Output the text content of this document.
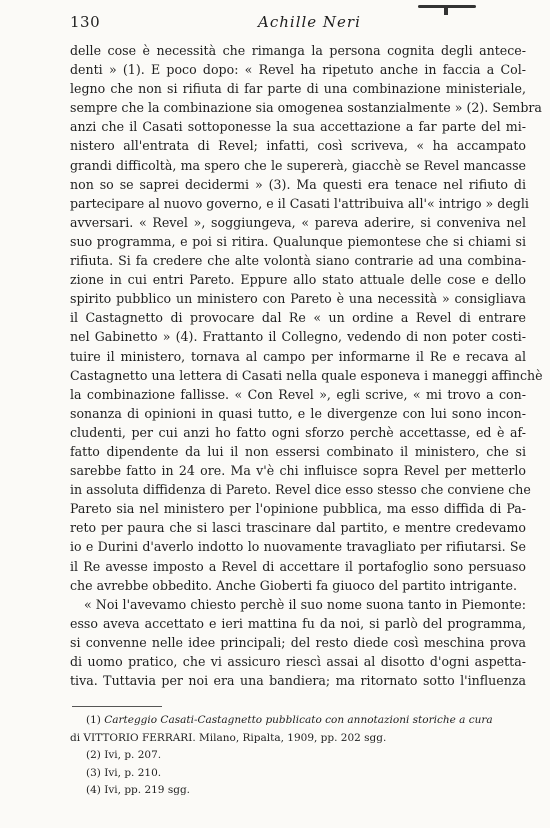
130	Achille Neri
delle cose è necessità che rimanga la persona cognita degli antece-
denti » (1). E poco dopo: « Revel ha ripetuto anche in faccia a Col-
legno che non si rifiuta di far parte di una combinazione ministeriale,
sempre che la combinazione sia omogenea sostanzialmente » (2). Sembra
anzi che il Casati sottoponesse la sua accettazione a far parte del mi-
nistero all'entrata di Revel; infatti, così scriveva, « ha accampato
grandi difficoltà, ma spero che le supererà, giacchè se Revel mancasse
non so se saprei decidermi » (3). Ma questi era tenace nel rifiuto di
partecipare al nuovo governo, e il Casati l'attribuiva all'« intrigo » degli
avversari. « Revel », soggiungeva, « pareva aderire, si conveniva nel
suo programma, e poi si ritira. Qualunque piemontese che si chiami si
rifiuta. Si fa credere che alte volontà siano contrarie ad una combina-
zione in cui entri Pareto. Eppure allo stato attuale delle cose e dello
spirito pubblico un ministero con Pareto è una necessità » consigliava
il Castagnetto di provocare dal Re « un ordine a Revel di entrare
nel Gabinetto » (4). Frattanto il Collegno, vedendo di non poter costi-
tuire il ministero, tornava al campo per informarne il Re e recava al
Castagnetto una lettera di Casati nella quale esponeva i maneggi affinchè
la combinazione fallisse. « Con Revel », egli scrive, « mi trovo a con-
sonanza di opinioni in quasi tutto, e le divergenze con lui sono incon-
cludenti, per cui anzi ho fatto ogni sforzo perchè accettasse, ed è af-
fatto dipendente da lui il non essersi combinato il ministero, che si
sarebbe fatto in 24 ore. Ma v'è chi influisce sopra Revel per metterlo
in assoluta diffidenza di Pareto. Revel dice esso stesso che conviene che
Pareto sia nel ministero per l'opinione pubblica, ma esso diffida di Pa-
reto per paura che si lasci trascinare dal partito, e mentre credevamo
io e Durini d'averlo indotto lo nuovamente travagliato per rifiutarsi. Se
il Re avesse imposto a Revel di accettare il portafoglio sono persuaso
che avrebbe obbedito. Anche Gioberti fa giuoco del partito intrigante.
« Noi l'avevamo chiesto perchè il suo nome suona tanto in Piemonte:
esso aveva accettato e ieri mattina fu da noi, si parlò del programma,
si convenne nelle idee principali; del resto diede così meschina prova
di uomo pratico, che vi assicuro riescì assai al disotto d'ogni aspetta-
tiva. Tuttavia per noi era una bandiera; ma ritornato sotto l'influenza
(1) Carteggio Casati-Castagnetto pubblicato con annotazioni storiche a cura
di VITTORIO FERRARI. Milano, Ripalta, 1909, pp. 202 sgg.
(2) Ivi, p. 207.
(3) Ivi, p. 210.
(4) Ivi, pp. 219 sgg.
